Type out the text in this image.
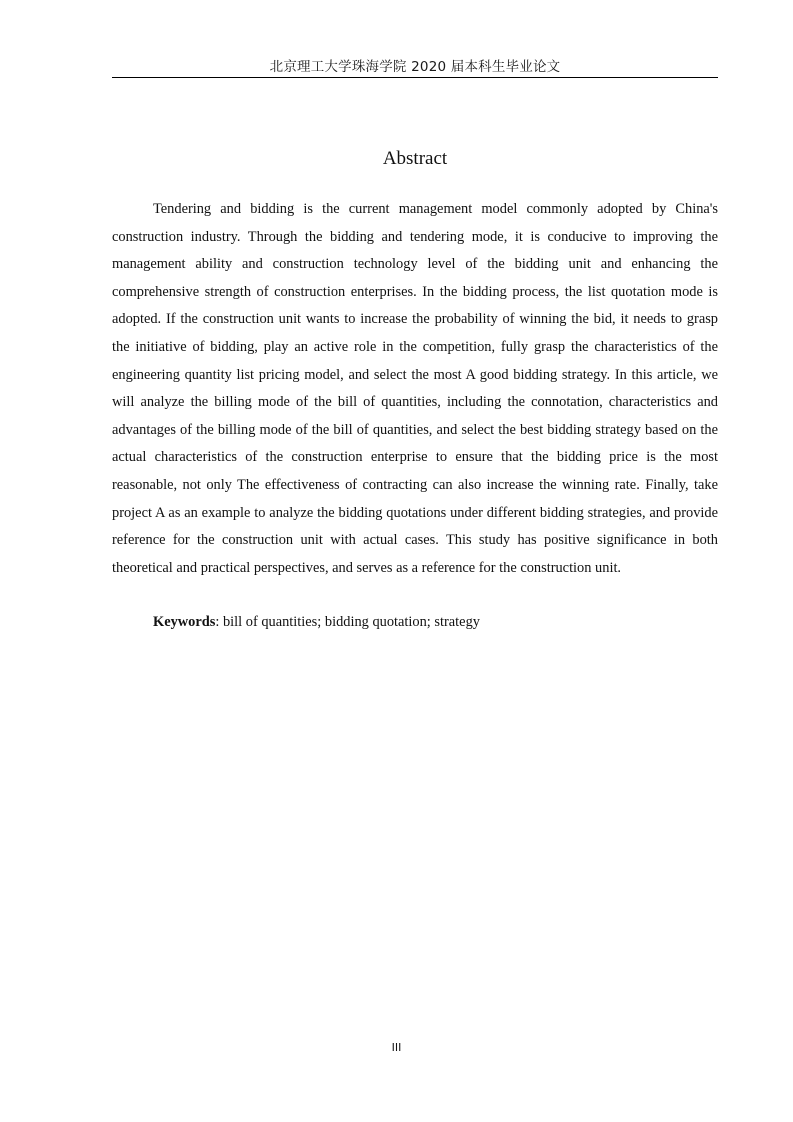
北京理工大学珠海学院 2020 届本科生毕业论文
Abstract

Tendering and bidding is the current management model commonly adopted by China's construction industry. Through the bidding and tendering mode, it is conducive to improving the management ability and construction technology level of the bidding unit and enhancing the comprehensive strength of construction enterprises. In the bidding process, the list quotation mode is adopted. If the construction unit wants to increase the probability of winning the bid, it needs to grasp the initiative of bidding, play an active role in the competition, fully grasp the characteristics of the engineering quantity list pricing model, and select the most A good bidding strategy. In this article, we will analyze the billing mode of the bill of quantities, including the connotation, characteristics and advantages of the billing mode of the bill of quantities, and select the best bidding strategy based on the actual characteristics of the construction enterprise to ensure that the bidding price is the most reasonable, not only The effectiveness of contracting can also increase the winning rate. Finally, take project A as an example to analyze the bidding quotations under different bidding strategies, and provide reference for the construction unit with actual cases. This study has positive significance in both theoretical and practical perspectives, and serves as a reference for the construction unit.

Keywords: bill of quantities; bidding quotation; strategy

III
